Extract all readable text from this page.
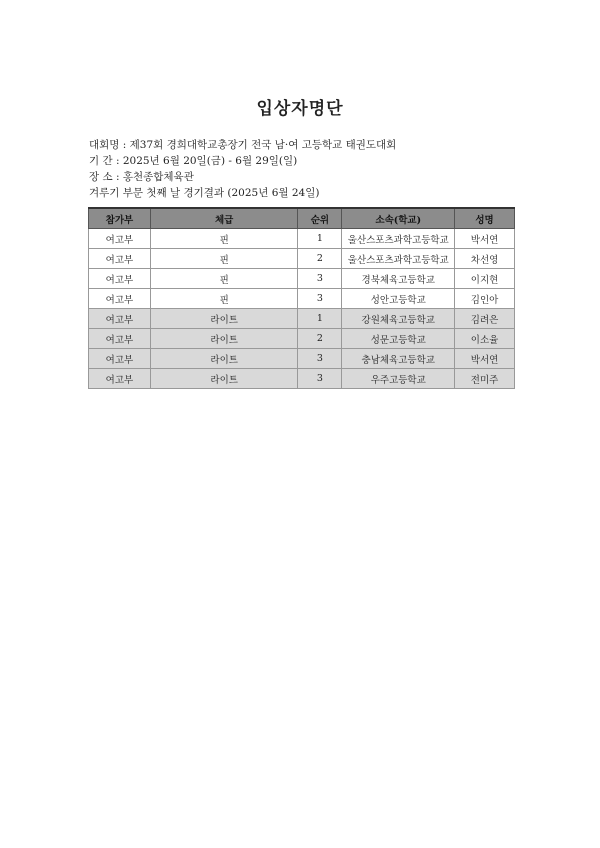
입상자명단
대회명 : 제37회 경희대학교총장기 전국 남·여 고등학교 태권도대회
기 간 : 2025년 6월 20일(금) - 6월 29일(일)
장 소 : 홍천종합체육관
겨루기 부문 첫째 날 경기결과 (2025년 6월 24일)
참가부	체급	순위	소속(학교)	성명
여고부	핀	1	울산스포츠과학고등학교	박서연
여고부	핀	2	울산스포츠과학고등학교	차선영
여고부	핀	3	경북체육고등학교	이지현
여고부	핀	3	성안고등학교	김인아
여고부	라이트	1	강원체육고등학교	김려은
여고부	라이트	2	성문고등학교	이소율
여고부	라이트	3	충남체육고등학교	박서연
여고부	라이트	3	우주고등학교	전미주
